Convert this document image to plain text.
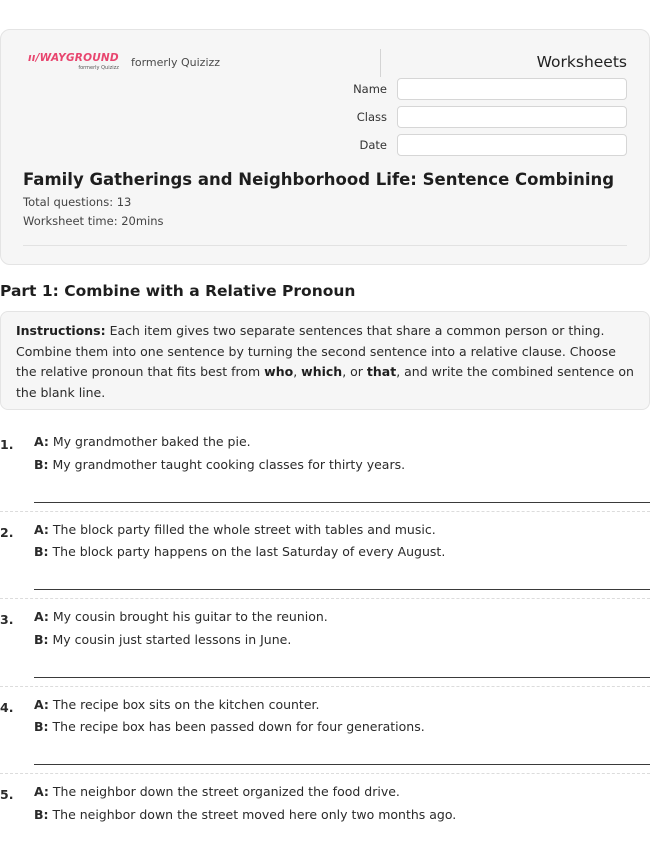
ıı/WAYGROUND
formerly Quizizz formerly Quizizz	Worksheets
Name
Class
Date
Family Gatherings and Neighborhood Life: Sentence Combining
Total questions: 13
Worksheet time: 20mins
Part 1: Combine with a Relative Pronoun
Instructions: Each item gives two separate sentences that share a common person or thing. Combine them into one sentence by turning the second sentence into a relative clause. Choose the relative pronoun that fits best from who, which, or that, and write the combined sentence on the blank line.
1. A: My grandmother baked the pie.
B: My grandmother taught cooking classes for thirty years.
2. A: The block party filled the whole street with tables and music.
B: The block party happens on the last Saturday of every August.
3. A: My cousin brought his guitar to the reunion.
B: My cousin just started lessons in June.
4. A: The recipe box sits on the kitchen counter.
B: The recipe box has been passed down for four generations.
5. A: The neighbor down the street organized the food drive.
B: The neighbor down the street moved here only two months ago.
